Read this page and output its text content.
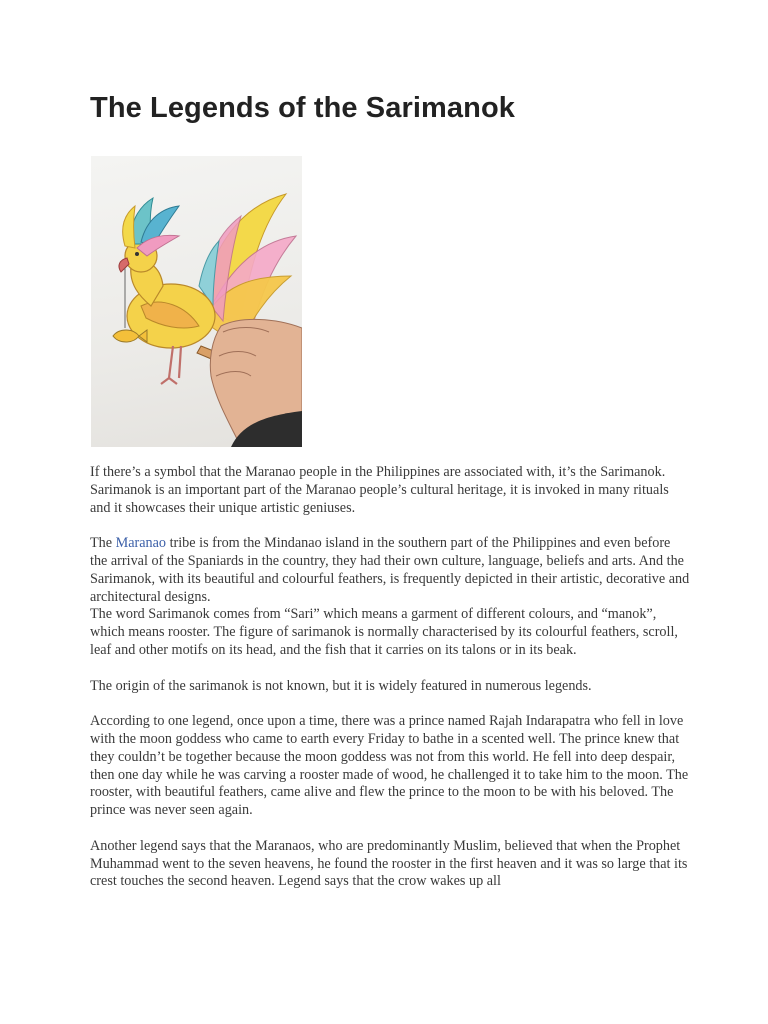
The Legends of the Sarimanok

If there’s a symbol that the Maranao people in the Philippines are associated with, it’s the Sarimanok. Sarimanok is an important part of the Maranao people’s cultural heritage, it is invoked in many rituals and it showcases their unique artistic geniuses.

The Maranao tribe is from the Mindanao island in the southern part of the Philippines and even before the arrival of the Spaniards in the country, they had their own culture, language, beliefs and arts. And the Sarimanok, with its beautiful and colourful feathers, is frequently depicted in their artistic, decorative and architectural designs.

The word Sarimanok comes from “Sari” which means a garment of different colours, and “manok”, which means rooster. The figure of sarimanok is normally characterised by its colourful feathers, scroll, leaf and other motifs on its head, and the fish that it carries on its talons or in its beak.

The origin of the sarimanok is not known, but it is widely featured in numerous legends.

According to one legend, once upon a time, there was a prince named Rajah Indarapatra who fell in love with the moon goddess who came to earth every Friday to bathe in a scented well. The prince knew that they couldn’t be together because the moon goddess was not from this world. He fell into deep despair, then one day while he was carving a rooster made of wood, he challenged it to take him to the moon. The rooster, with beautiful feathers, came alive and flew the prince to the moon to be with his beloved. The prince was never seen again.

Another legend says that the Maranaos, who are predominantly Muslim, believed that when the Prophet Muhammad went to the seven heavens, he found the rooster in the first heaven and it was so large that its crest touches the second heaven. Legend says that the crow wakes up all
